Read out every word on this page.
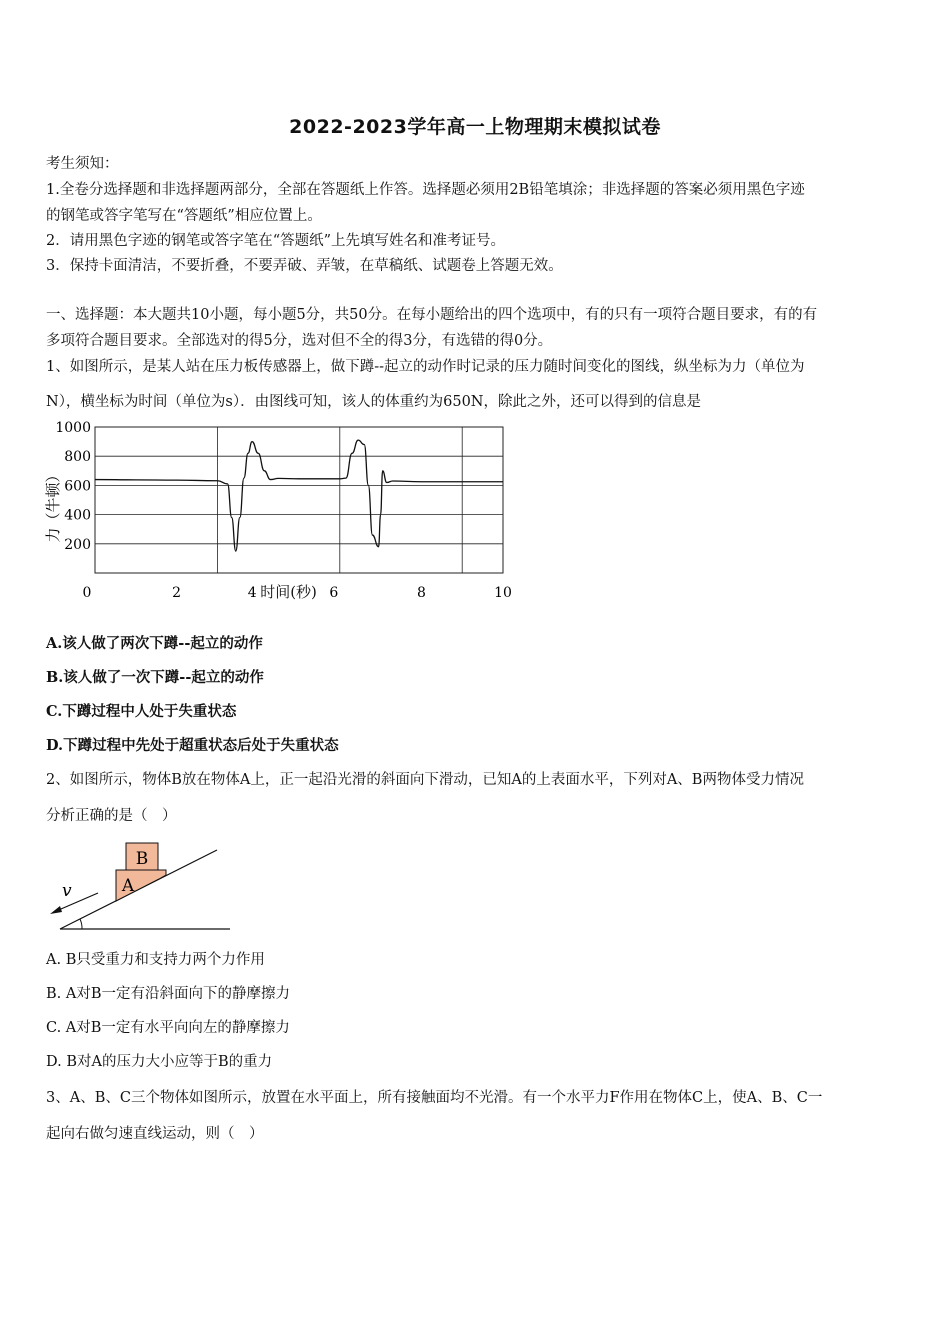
2022-2023学年高一上物理期末模拟试卷
考生须知：
1.全卷分选择题和非选择题两部分，全部在答题纸上作答。选择题必须用2B铅笔填涂；非选择题的答案必须用黑色字迹
的钢笔或答字笔写在“答题纸”相应位置上。
2．请用黑色字迹的钢笔或答字笔在“答题纸”上先填写姓名和准考证号。
3．保持卡面清洁，不要折叠，不要弄破、弄皱，在草稿纸、试题卷上答题无效。
一、选择题：本大题共10小题，每小题5分，共50分。在每小题给出的四个选项中，有的只有一项符合题目要求，有的有
多项符合题目要求。全部选对的得5分，选对但不全的得3分，有选错的得0分。
1、如图所示，是某人站在压力板传感器上，做下蹲--起立的动作时记录的压力随时间变化的图线，纵坐标为力（单位为
N），横坐标为时间（单位为s）．由图线可知，该人的体重约为650N，除此之外，还可以得到的信息是
200
400
600
800
1000
0	2	4	6	8	10
力（牛顿）
时间(秒)
A.该人做了两次下蹲--起立的动作
B.该人做了一次下蹲--起立的动作
C.下蹲过程中人处于失重状态
D.下蹲过程中先处于超重状态后处于失重状态
2、如图所示，物体B放在物体A上，正一起沿光滑的斜面向下滑动，已知A的上表面水平，下列对A、B两物体受力情况
分析正确的是（　）
B
A
v
A. B只受重力和支持力两个力作用
B. A对B一定有沿斜面向下的静摩擦力
C. A对B一定有水平向向左的静摩擦力
D. B对A的压力大小应等于B的重力
3、A、B、C三个物体如图所示，放置在水平面上，所有接触面均不光滑。有一个水平力F作用在物体C上，使A、B、C一
起向右做匀速直线运动，则（　）
